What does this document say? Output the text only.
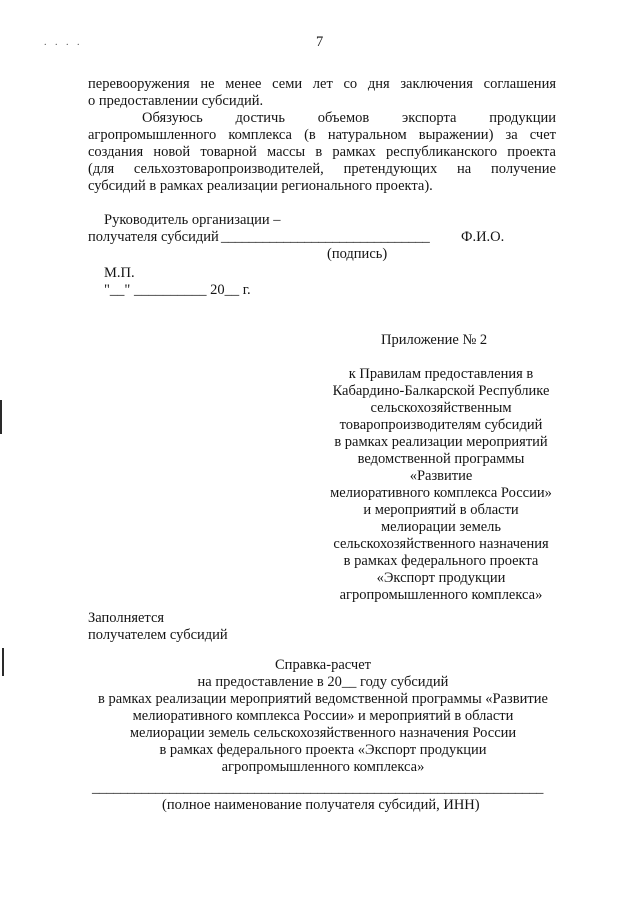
. . . .	7
перевооружения не менее семи лет со дня заключения соглашения
о предоставлении субсидий.
Обязуюсь достичь объемов экспорта продукции
агропромышленного комплекса (в натуральном выражении) за счет
создания новой товарной массы в рамках республиканского проекта
(для сельхозтоваропроизводителей, претендующих на получение
субсидий в рамках реализации регионального проекта).
Руководитель организации –
получателя субсидий ______________________________ Ф.И.О.
(подпись)
М.П.
"__" __________ 20__ г.
Приложение № 2
к Правилам предоставления в
Кабардино-Балкарской Республике
сельскохозяйственным
товаропроизводителям субсидий
в рамках реализации мероприятий
ведомственной программы
«Развитие
мелиоративного комплекса России»
и мероприятий в области
мелиорации земель
сельскохозяйственного назначения
в рамках федерального проекта
«Экспорт продукции
агропромышленного комплекса»
Заполняется
получателем субсидий
Справка-расчет
на предоставление в 20__ году субсидий
в рамках реализации мероприятий ведомственной программы «Развитие
мелиоративного комплекса России» и мероприятий в области
мелиорации земель сельскохозяйственного назначения России
в рамках федерального проекта «Экспорт продукции
агропромышленного комплекса»
________________________________________________________________
(полное наименование получателя субсидий, ИНН)
